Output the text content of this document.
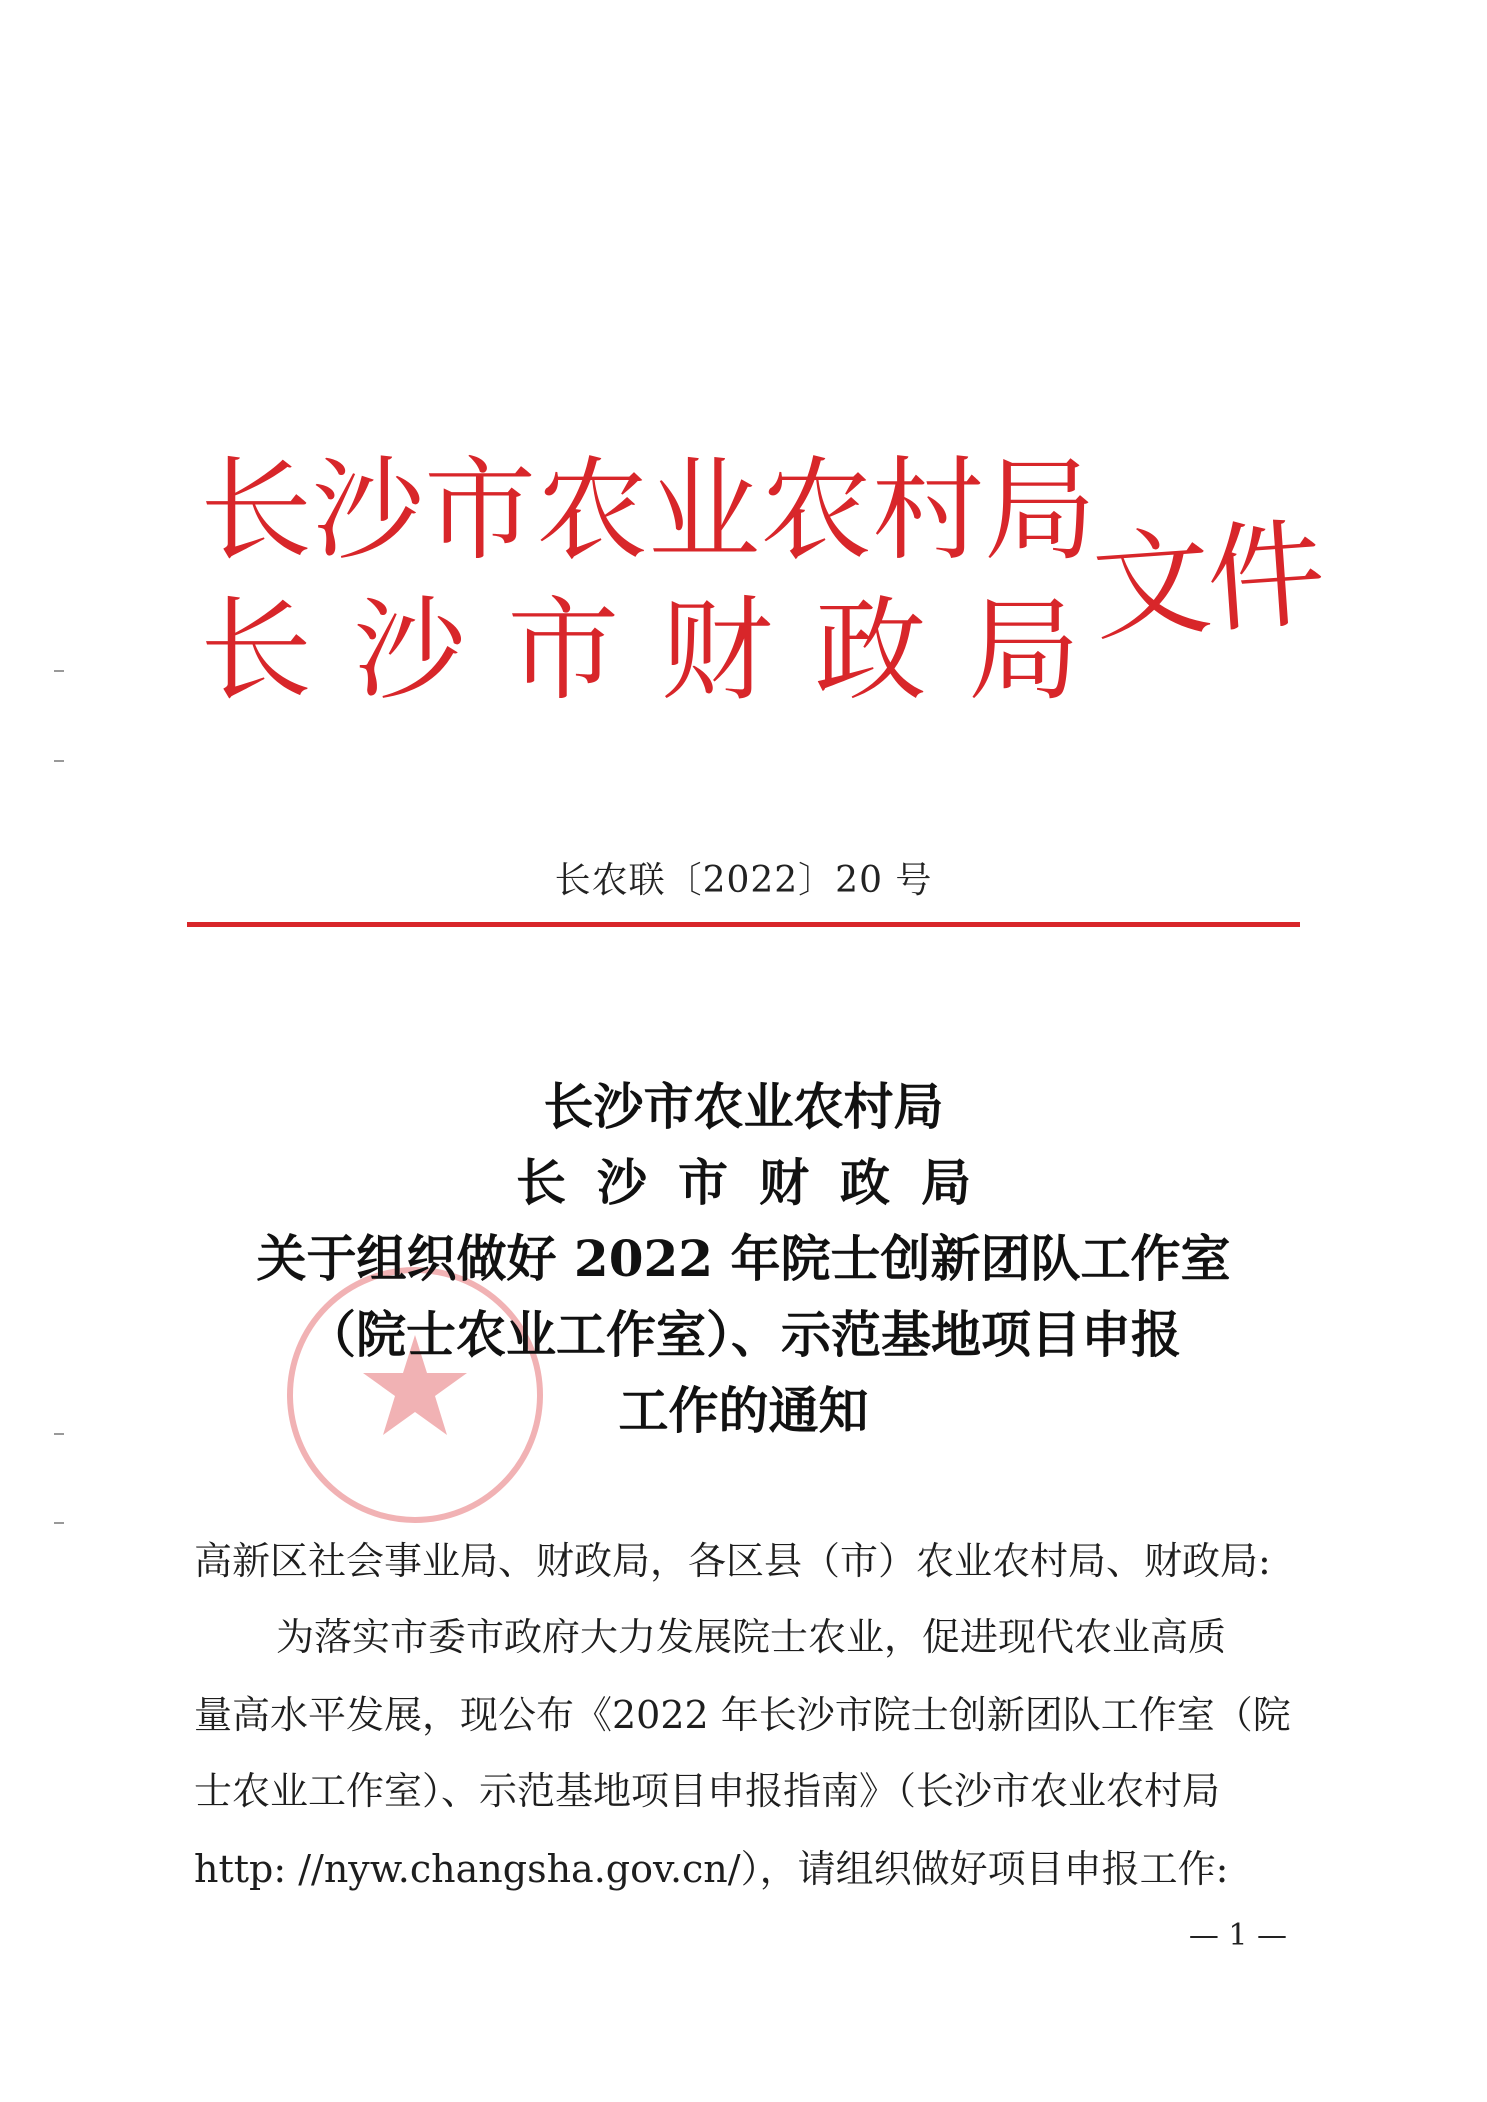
长 沙 市 农 业 农 村 局
长 沙 市 财 政 局 文件
长农联〔2022〕20 号
长沙市农业农村局
长沙市财政局
关于组织做好 2022 年院士创新团队工作室
（院士农业工作室）、示范基地项目申报
工作的通知
高新区社会事业局、财政局，各区县（市）农业农村局、财政局:
为落实市委市政府大力发展院士农业，促进现代农业高质
量高水平发展，现公布《2022 年长沙市院士创新团队工作室（院
士农业工作室）、示范基地项目申报指南》（长沙市农业农村局
http: //nyw.changsha.gov.cn/），请组织做好项目申报工作:
— 1 —
